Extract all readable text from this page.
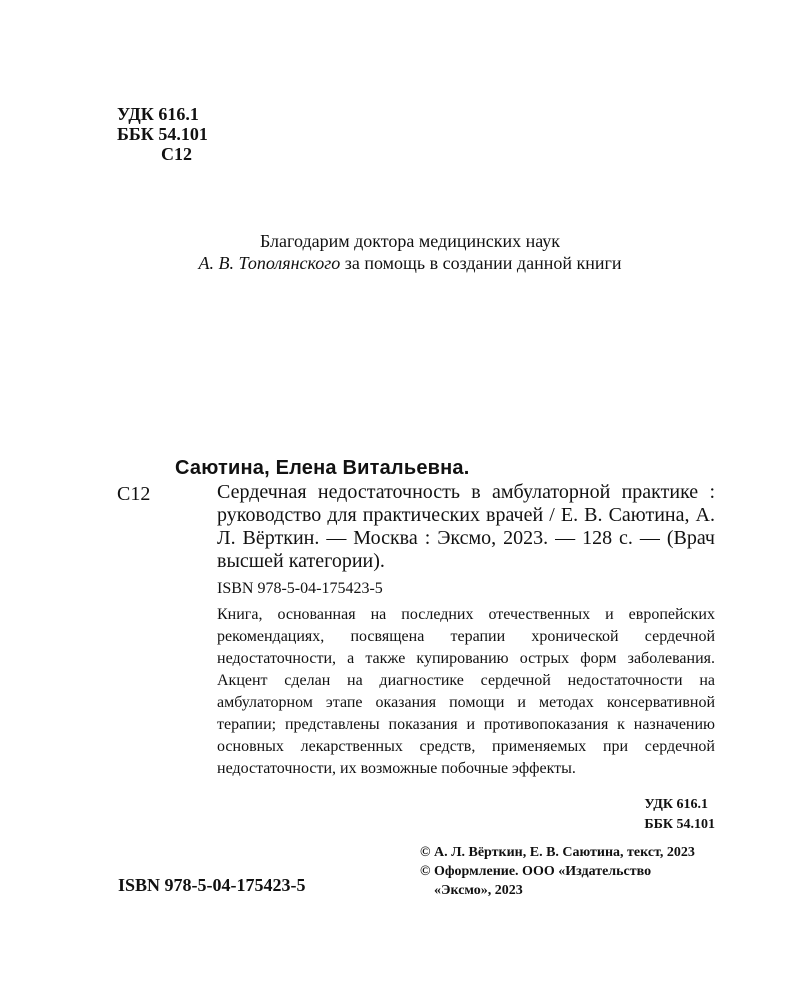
УДК 616.1
ББК 54.101
С12
Благодарим доктора медицинских наук
А. В. Тополянского за помощь в создании данной книги
Саютина, Елена Витальевна.
С12	Сердечная недостаточность в амбулаторной практике : руководство для практических врачей / Е. В. Саютина, А. Л. Вёрткин. — Москва : Эксмо, 2023. — 128 с. — (Врач высшей категории).
ISBN 978-5-04-175423-5
Книга, основанная на последних отечественных и европейских рекомендациях, посвящена терапии хронической сердечной недостаточности, а также купированию острых форм заболевания. Акцент сделан на диагностике сердечной недостаточности на амбулаторном этапе оказания помощи и методах консервативной терапии; представлены показания и противопоказания к назначению основных лекарственных средств, применяемых при сердечной недостаточности, их возможные побочные эффекты.
УДК 616.1
ББК 54.101
© А. Л. Вёрткин, Е. В. Саютина, текст, 2023
© Оформление. ООО «Издательство
«Эксмо», 2023
ISBN 978-5-04-175423-5
